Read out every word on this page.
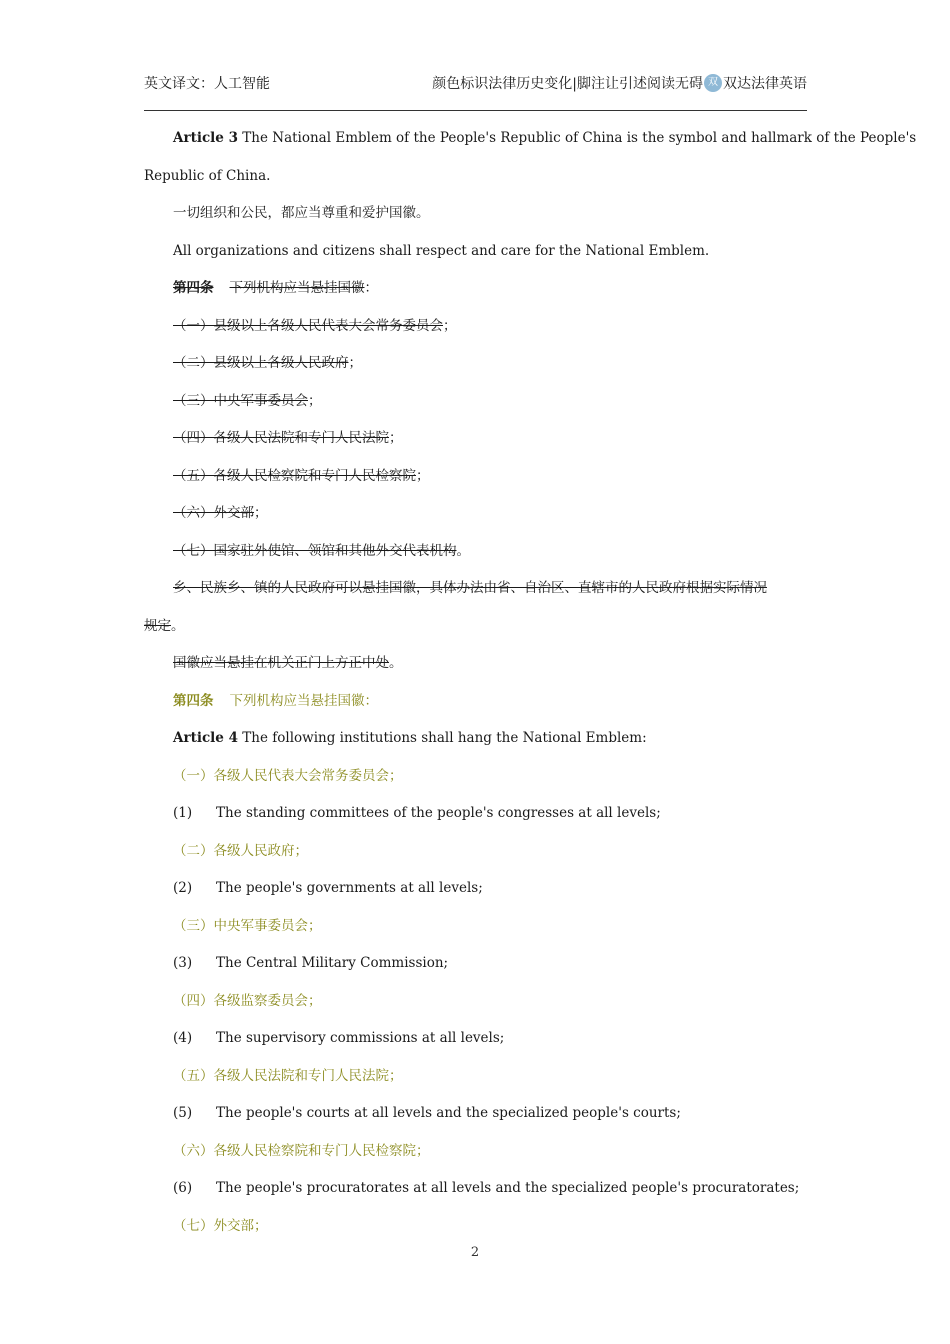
英文译文：人工智能	颜色标识法律历史变化|脚注让引述阅读无碍 双 双达法律英语
Article 3 The National Emblem of the People's Republic of China is the symbol and hallmark of the People's
Republic of China.
一切组织和公民，都应当尊重和爱护国徽。
All organizations and citizens shall respect and care for the National Emblem.
第四条 下列机构应当悬挂国徽：
（一）县级以上各级人民代表大会常务委员会；
（二）县级以上各级人民政府；
（三）中央军事委员会；
（四）各级人民法院和专门人民法院；
（五）各级人民检察院和专门人民检察院；
（六）外交部；
（七）国家驻外使馆、领馆和其他外交代表机构。
乡、民族乡、镇的人民政府可以悬挂国徽，具体办法由省、自治区、直辖市的人民政府根据实际情况
规定。
国徽应当悬挂在机关正门上方正中处。
第四条 下列机构应当悬挂国徽：
Article 4 The following institutions shall hang the National Emblem:
（一）各级人民代表大会常务委员会；
(1) The standing committees of the people's congresses at all levels;
（二）各级人民政府；
(2) The people's governments at all levels;
（三）中央军事委员会；
(3) The Central Military Commission;
（四）各级监察委员会；
(4) The supervisory commissions at all levels;
（五）各级人民法院和专门人民法院；
(5) The people's courts at all levels and the specialized people's courts;
（六）各级人民检察院和专门人民检察院；
(6) The people's procuratorates at all levels and the specialized people's procuratorates;
（七）外交部；
2
